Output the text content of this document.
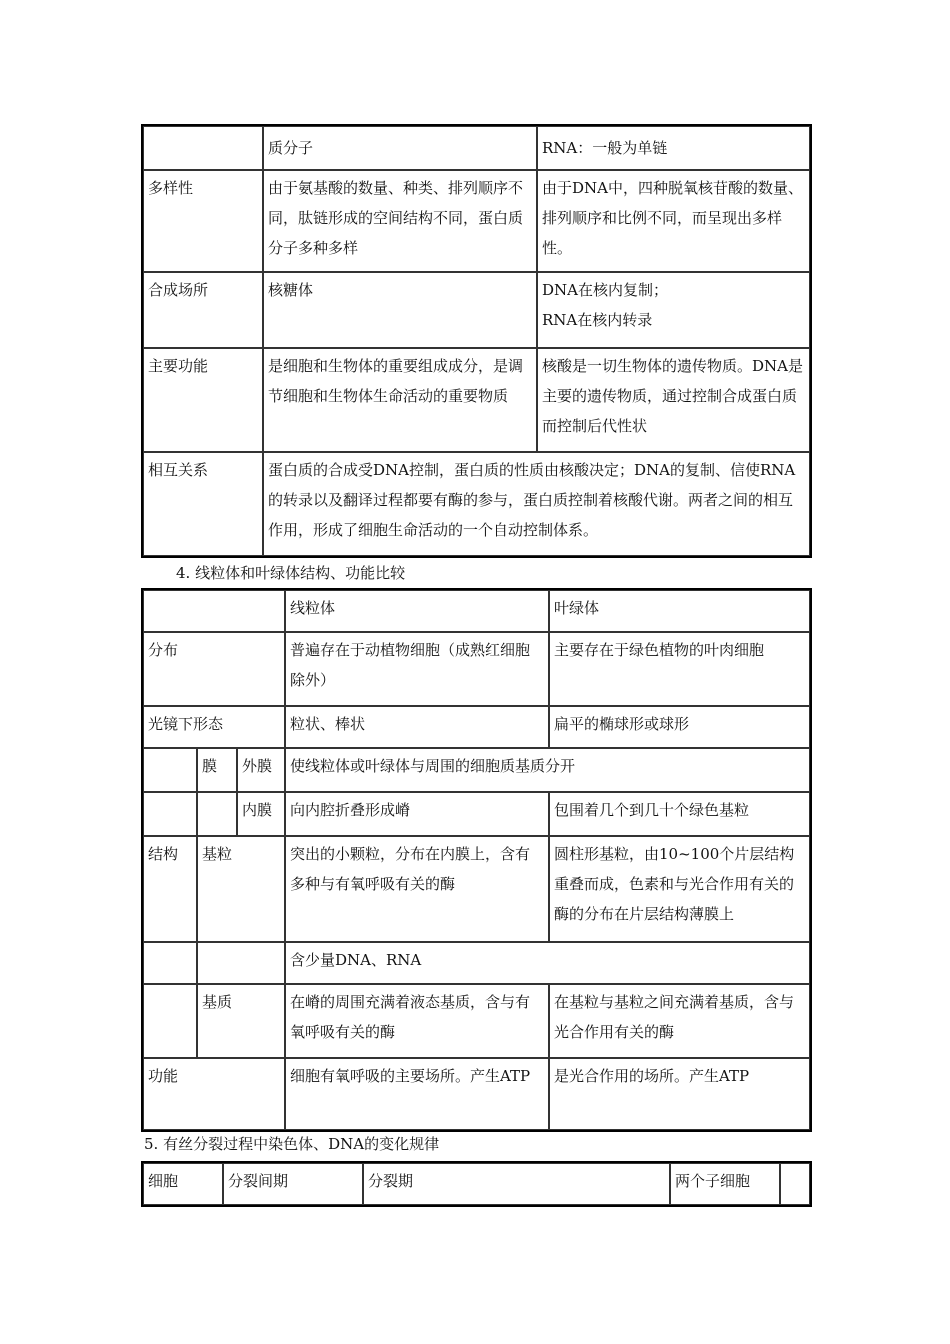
	质分子	RNA：一般为单链
多样性	由于氨基酸的数量、种类、排列顺序不同，肽链形成的空间结构不同，蛋白质分子多种多样	由于DNA中，四种脱氧核苷酸的数量、排列顺序和比例不同，而呈现出多样性。
合成场所	核糖体	DNA在核内复制；
RNA在核内转录

主要功能	是细胞和生物体的重要组成成分，是调节细胞和生物体生命活动的重要物质	核酸是一切生物体的遗传物质。DNA是主要的遗传物质，通过控制合成蛋白质而控制后代性状
相互关系	蛋白质的合成受DNA控制，蛋白质的性质由核酸决定；DNA的复制、信使RNA的转录以及翻译过程都要有酶的参与，蛋白质控制着核酸代谢。两者之间的相互作用，形成了细胞生命活动的一个自动控制体系。	
4. 线粒体和叶绿体结构、功能比较
			线粒体	叶绿体
分布			普遍存在于动植物细胞（成熟红细胞除外）	主要存在于绿色植物的叶肉细胞
光镜下形态			粒状、棒状	扁平的椭球形或球形
	膜	外膜	使线粒体或叶绿体与周围的细胞质基质分开	
		内膜	向内腔折叠形成嵴	包围着几个到几十个绿色基粒
结构	基粒		突出的小颗粒，分布在内膜上，含有多种与有氧呼吸有关的酶	圆柱形基粒，由10~100个片层结构重叠而成，色素和与光合作用有关的酶的分布在片层结构薄膜上
			含少量DNA、RNA	
	基质		在嵴的周围充满着液态基质，含与有氧呼吸有关的酶	在基粒与基粒之间充满着基质，含与光合作用有关的酶
功能			细胞有氧呼吸的主要场所。产生ATP	是光合作用的场所。产生ATP
5. 有丝分裂过程中染色体、DNA的变化规律
细胞	分裂间期	分裂期	两个子细胞	
